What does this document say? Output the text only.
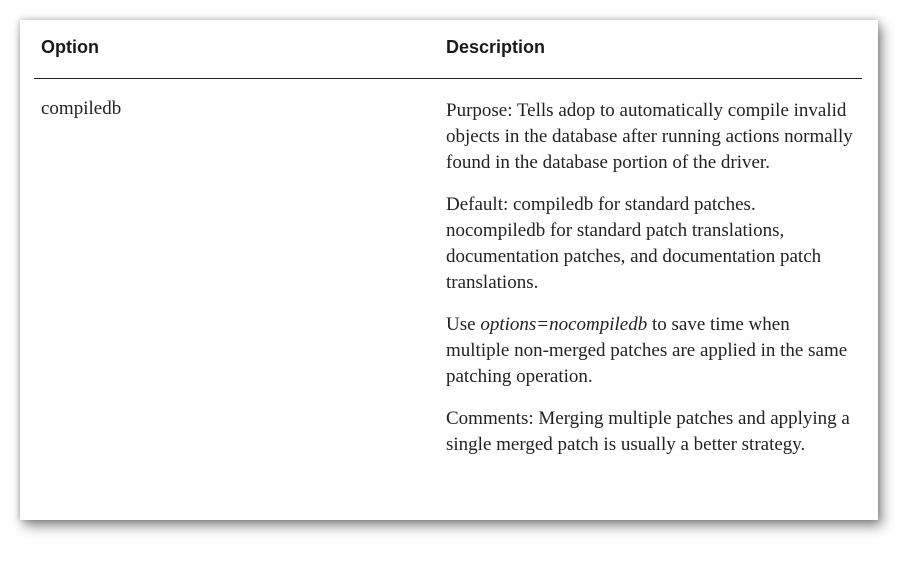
Option	Description
compiledb	Purpose: Tells adop to automatically compile invalid objects in the database after running actions normally found in the database portion of the driver.

Default: compiledb for standard patches. nocompiledb for standard patch translations, documentation patches, and documentation patch translations.

Use options=nocompiledb to save time when multiple non-merged patches are applied in the same patching operation.

Comments: Merging multiple patches and applying a single merged patch is usually a better strategy.
